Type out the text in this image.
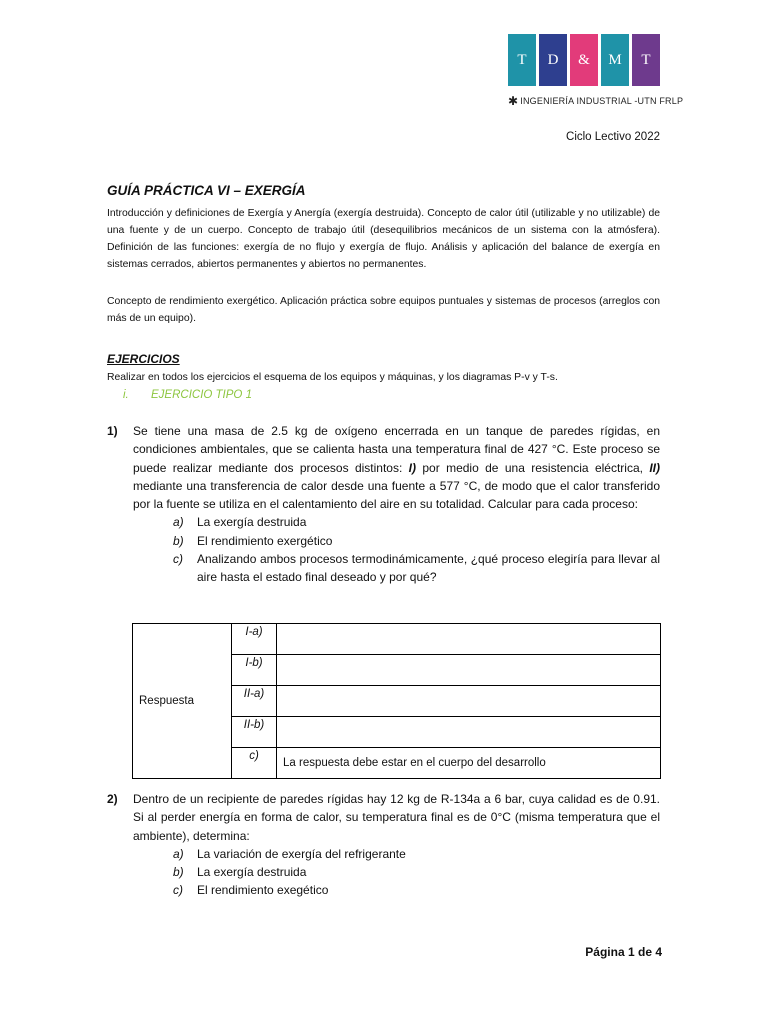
T	D	&	M	T
✱ INGENIERÍA INDUSTRIAL -UTN FRLP
Ciclo Lectivo 2022
GUÍA PRÁCTICA VI – EXERGÍA
Introducción y definiciones de Exergía y Anergía (exergía destruida). Concepto de calor útil (utilizable y no utilizable) de una fuente y de un cuerpo. Concepto de trabajo útil (desequilibrios mecánicos de un sistema con la atmósfera). Definición de las funciones: exergía de no flujo y exergía de flujo. Análisis y aplicación del balance de exergía en sistemas cerrados, abiertos permanentes y abiertos no permanentes.
Concepto de rendimiento exergético. Aplicación práctica sobre equipos puntuales y sistemas de procesos (arreglos con más de un equipo).
EJERCICIOS
Realizar en todos los ejercicios el esquema de los equipos y máquinas, y los diagramas P-v y T-s.
i. EJERCICIO TIPO 1
1) Se tiene una masa de 2.5 kg de oxígeno encerrada en un tanque de paredes rígidas, en condiciones ambientales, que se calienta hasta una temperatura final de 427 °C. Este proceso se puede realizar mediante dos procesos distintos: I) por medio de una resistencia eléctrica, II) mediante una transferencia de calor desde una fuente a 577 °C, de modo que el calor transferido por la fuente se utiliza en el calentamiento del aire en su totalidad. Calcular para cada proceso:
a)	La exergía destruida
b)	El rendimiento exergético
c)	Analizando ambos procesos termodinámicamente, ¿qué proceso elegiría para llevar al aire hasta el estado final deseado y por qué?
Respuesta	I-a)	
	I-b)	
	II-a)	
	II-b)	
	c)	La respuesta debe estar en el cuerpo del desarrollo
2) Dentro de un recipiente de paredes rígidas hay 12 kg de R-134a a 6 bar, cuya calidad es de 0.91. Si al perder energía en forma de calor, su temperatura final es de 0°C (misma temperatura que el ambiente), determina:
a)	La variación de exergía del refrigerante
b)	La exergía destruida
c)	El rendimiento exegético
Página 1 de 4
